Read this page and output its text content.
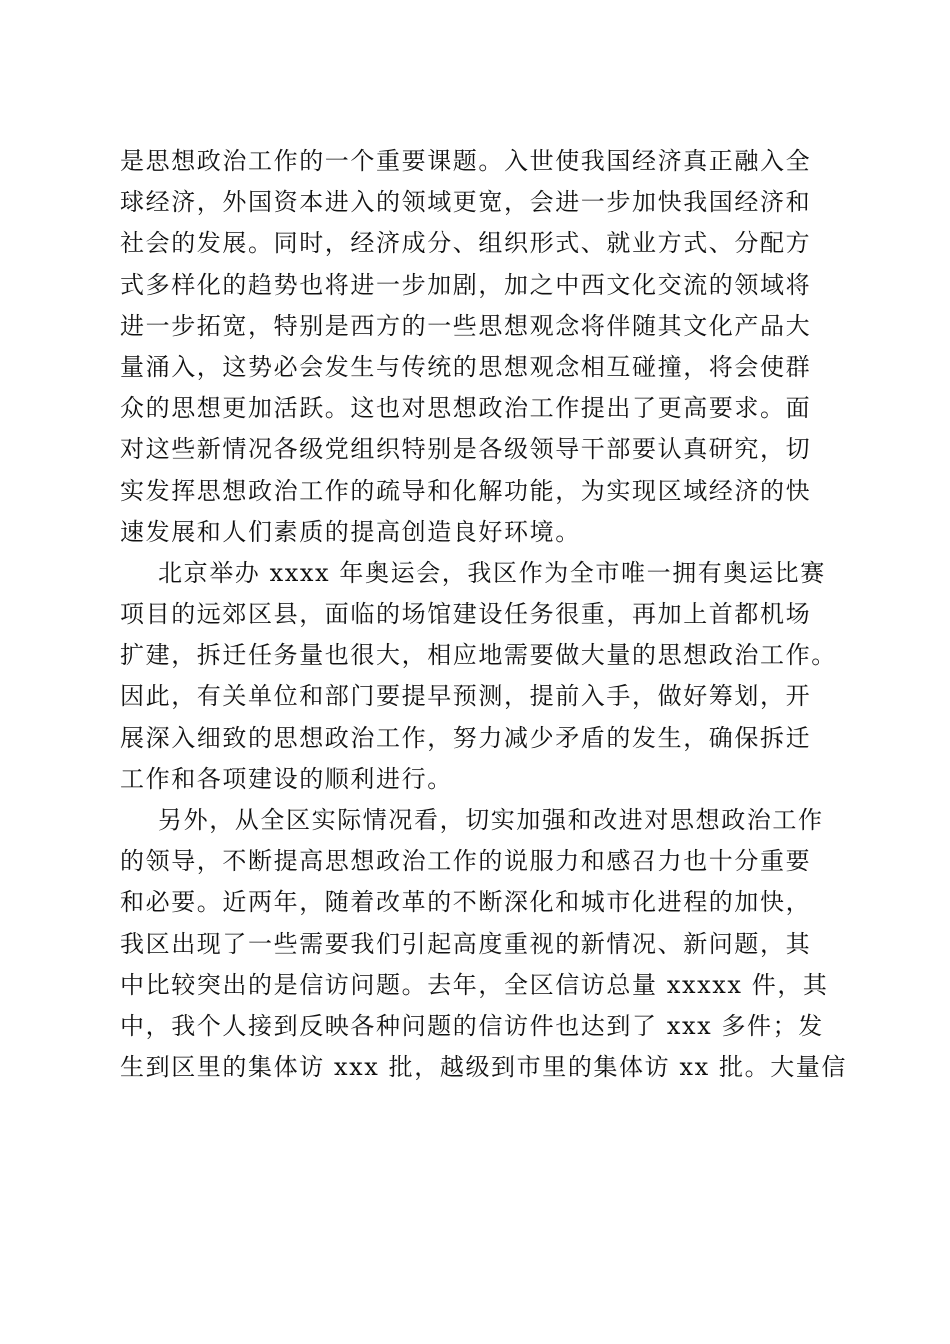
是思想政治工作的一个重要课题。入世使我国经济真正融入全
球经济，外国资本进入的领域更宽，会进一步加快我国经济和
社会的发展。同时，经济成分、组织形式、就业方式、分配方
式多样化的趋势也将进一步加剧，加之中西文化交流的领域将
进一步拓宽，特别是西方的一些思想观念将伴随其文化产品大
量涌入，这势必会发生与传统的思想观念相互碰撞，将会使群
众的思想更加活跃。这也对思想政治工作提出了更高要求。面
对这些新情况各级党组织特别是各级领导干部要认真研究，切
实发挥思想政治工作的疏导和化解功能，为实现区域经济的快
速发展和人们素质的提高创造良好环境。
北京举办 xxxx 年奥运会，我区作为全市唯一拥有奥运比赛
项目的远郊区县，面临的场馆建设任务很重，再加上首都机场
扩建，拆迁任务量也很大，相应地需要做大量的思想政治工作。
因此，有关单位和部门要提早预测，提前入手，做好筹划，开
展深入细致的思想政治工作，努力减少矛盾的发生，确保拆迁
工作和各项建设的顺利进行。
另外，从全区实际情况看，切实加强和改进对思想政治工作
的领导，不断提高思想政治工作的说服力和感召力也十分重要
和必要。近两年，随着改革的不断深化和城市化进程的加快，
我区出现了一些需要我们引起高度重视的新情况、新问题，其
中比较突出的是信访问题。去年，全区信访总量 xxxxx 件，其
中，我个人接到反映各种问题的信访件也达到了 xxx 多件；发
生到区里的集体访 xxx 批，越级到市里的集体访 xx 批。大量信
